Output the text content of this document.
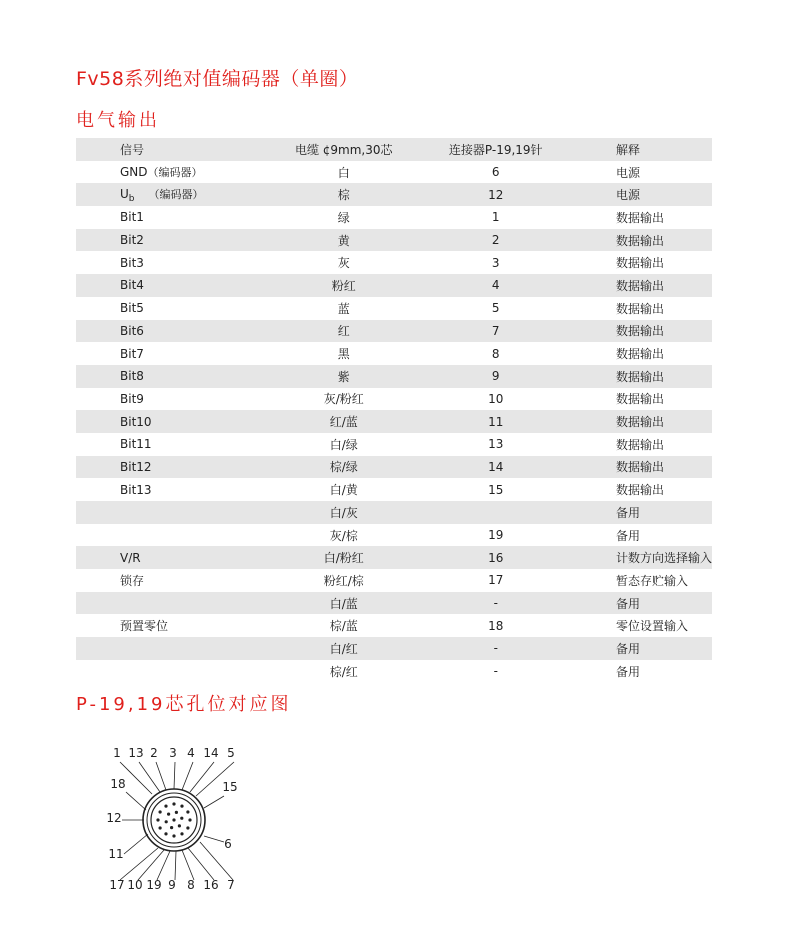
Fv58系列绝对值编码器（单圈）
电气输出
信号	电缆 ¢9mm,30芯	连接器P-19,19针	解释
GND（编码器）	白	6	电源
$U_b$ （编码器）	棕	12	电源
Bit1	绿	1	数据输出
Bit2	黄	2	数据输出
Bit3	灰	3	数据输出
Bit4	粉红	4	数据输出
Bit5	蓝	5	数据输出
Bit6	红	7	数据输出
Bit7	黑	8	数据输出
Bit8	紫	9	数据输出
Bit9	灰/粉红	10	数据输出
Bit10	红/蓝	11	数据输出
Bit11	白/绿	13	数据输出
Bit12	棕/绿	14	数据输出
Bit13	白/黄	15	数据输出
	白/灰		备用
	灰/棕	19	备用
V/R	白/粉红	16	计数方向选择输入
锁存	粉红/棕	17	暂态存贮输入
	白/蓝	-	备用
预置零位	棕/蓝	18	零位设置输入
	白/红	-	备用
	棕/红	-	备用
P-19,19芯孔位对应图
1 13 2 3 4 14 5
18	15
12
6
11
17 10 19 9 8 16 7
